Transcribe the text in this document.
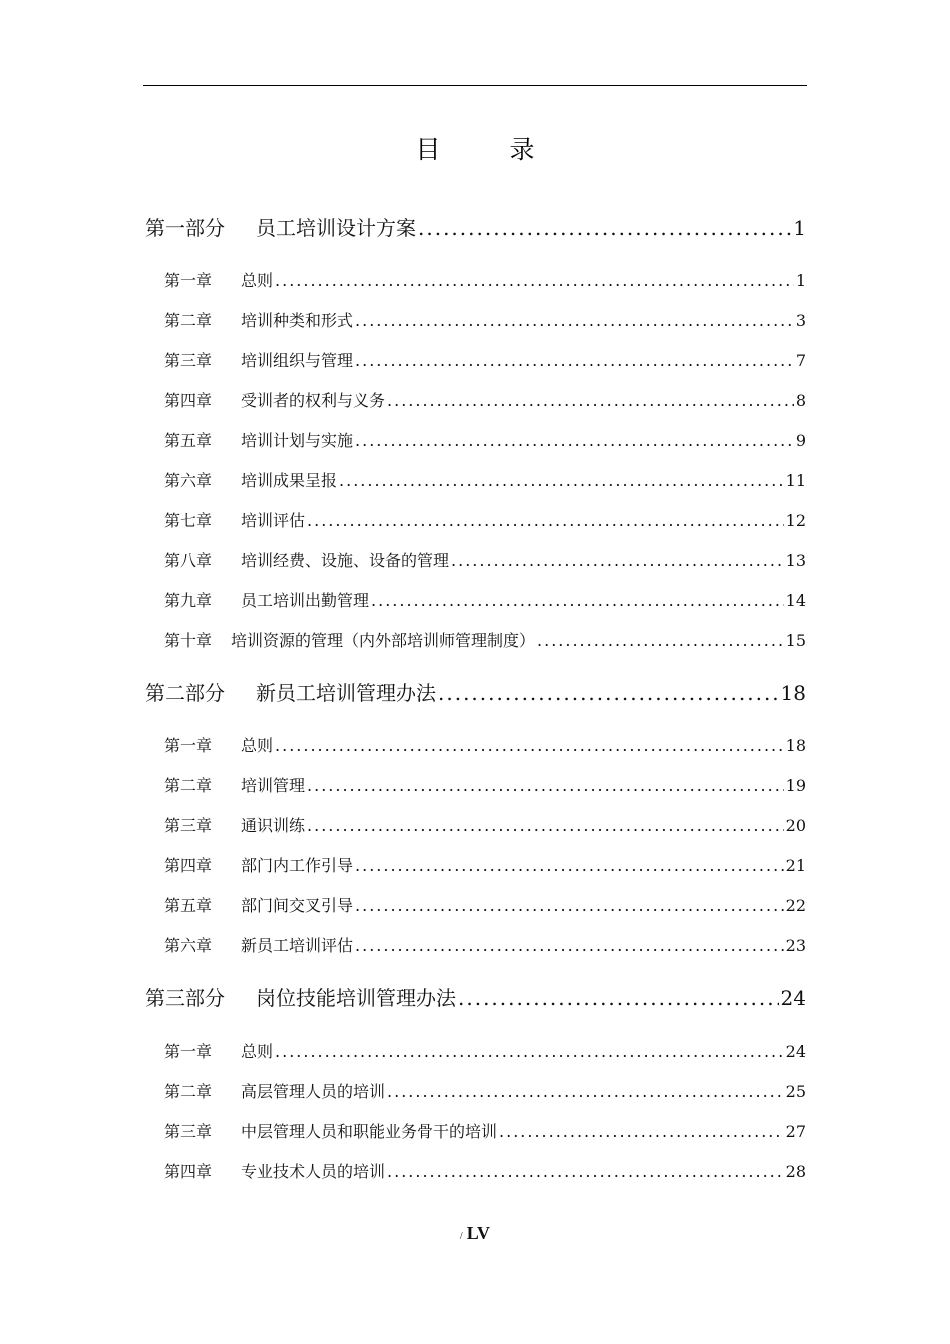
目　录
第一部分 员工培训设计方案 .....	1
第一章 总则 .....	1
第二章 培训种类和形式 .....	3
第三章 培训组织与管理 .....	7
第四章 受训者的权利与义务 .....	8
第五章 培训计划与实施 .....	9
第六章 培训成果呈报 .....	11
第七章 培训评估 .....	12
第八章 培训经费、设施、设备的管理 .....	13
第九章 员工培训出勤管理 .....	14
第十章 培训资源的管理（内外部培训师管理制度） .....	15
第二部分 新员工培训管理办法 .....	18
第一章 总则 .....	18
第二章 培训管理 .....	19
第三章 通识训练 .....	20
第四章 部门内工作引导 .....	21
第五章 部门间交叉引导 .....	22
第六章 新员工培训评估 .....	23
第三部分 岗位技能培训管理办法 .....	24
第一章 总则 .....	24
第二章 高层管理人员的培训 .....	25
第三章 中层管理人员和职能业务骨干的培训 .....	27
第四章 专业技术人员的培训 .....	28
/ LV
